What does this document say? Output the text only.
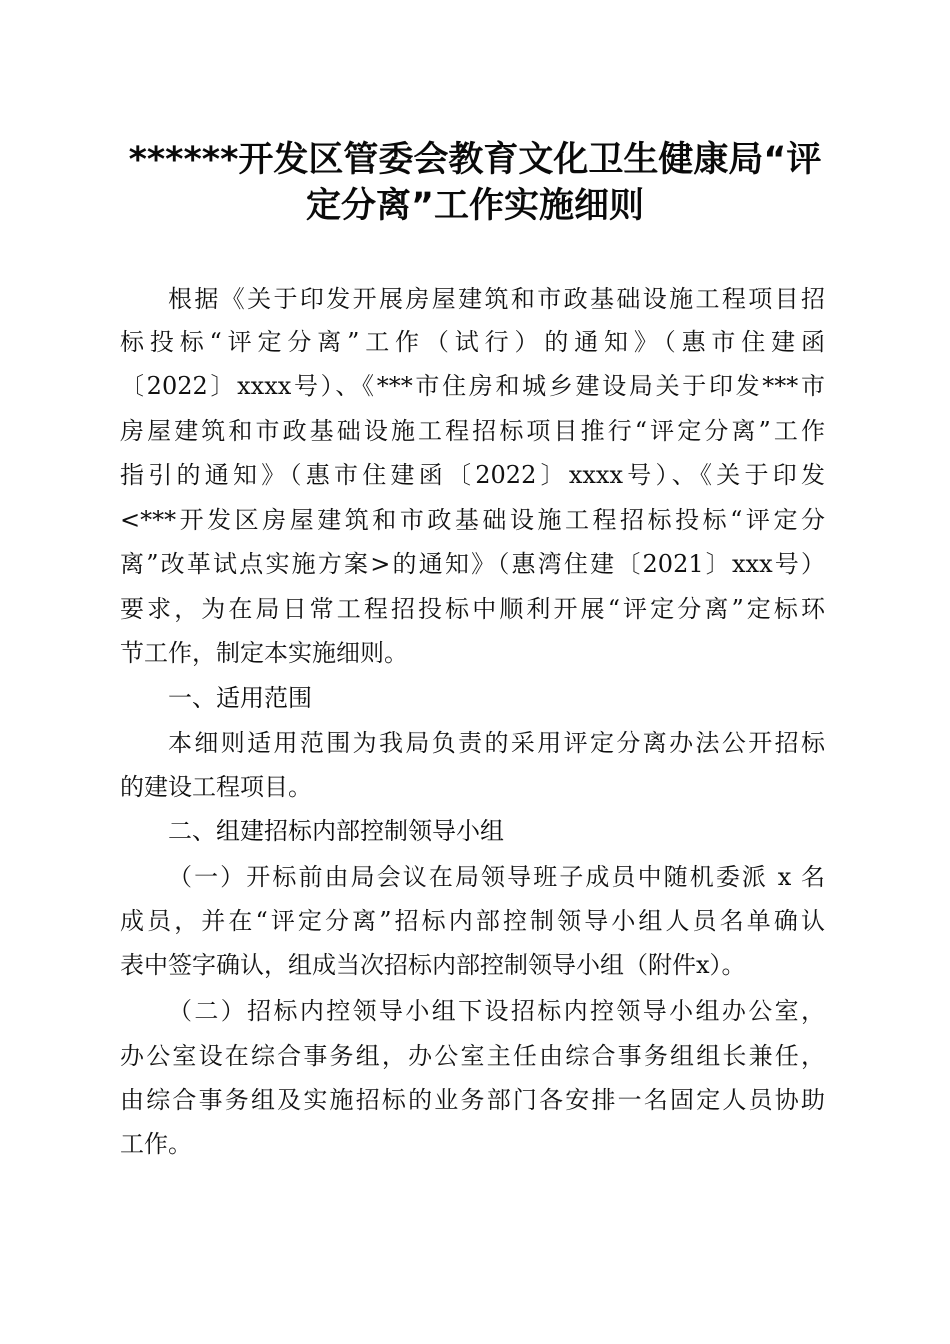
******开发区管委会教育文化卫生健康局“评
定分离”工作实施细则
根据《关于印发开展房屋建筑和市政基础设施工程项目招
标投标“评定分离”工作（试行）的通知》（惠市住建函
〔2022〕xxxx号）、《***市住房和城乡建设局关于印发***市
房屋建筑和市政基础设施工程招标项目推行“评定分离”工作
指引的通知》（惠市住建函〔2022〕xxxx号）、《关于印发
<***开发区房屋建筑和市政基础设施工程招标投标“评定分
离”改革试点实施方案>的通知》（惠湾住建〔2021〕xxx号）
要求，为在局日常工程招投标中顺利开展“评定分离”定标环
节工作，制定本实施细则。
一、适用范围
本细则适用范围为我局负责的采用评定分离办法公开招标
的建设工程项目。
二、组建招标内部控制领导小组
（一）开标前由局会议在局领导班子成员中随机委派 x 名
成员，并在“评定分离”招标内部控制领导小组人员名单确认
表中签字确认，组成当次招标内部控制领导小组（附件x）。
（二）招标内控领导小组下设招标内控领导小组办公室，
办公室设在综合事务组，办公室主任由综合事务组组长兼任，
由综合事务组及实施招标的业务部门各安排一名固定人员协助
工作。
